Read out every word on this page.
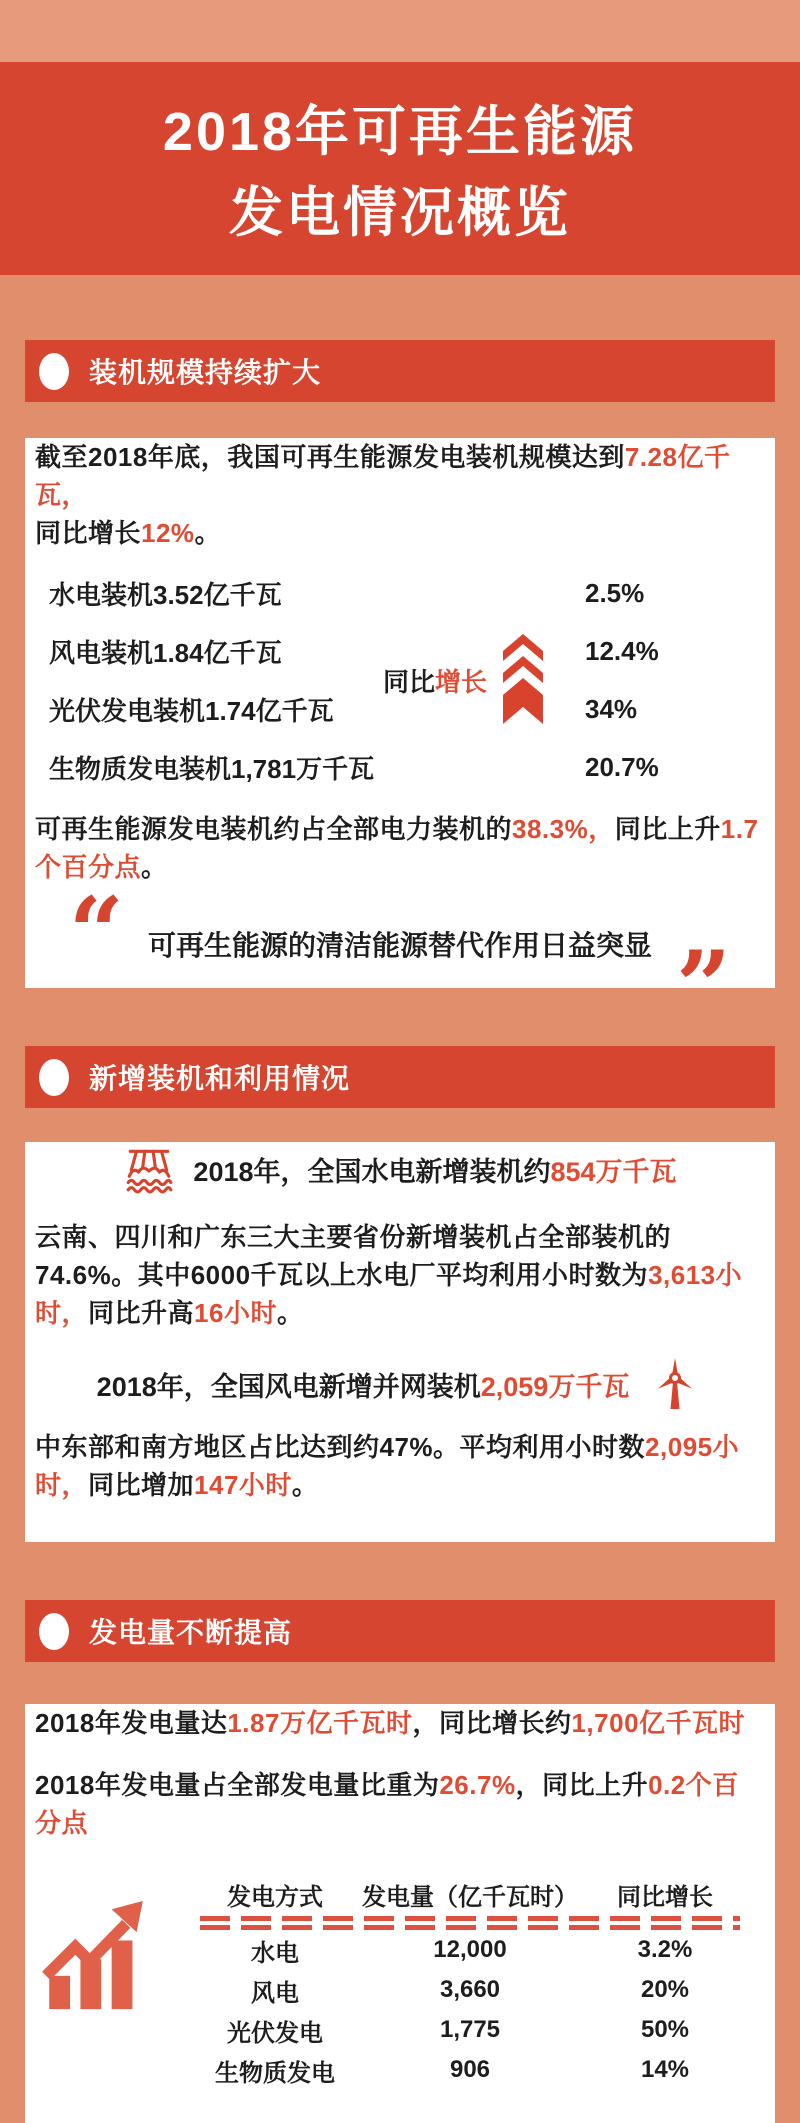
2018年可再生能源
发电情况概览
装机规模持续扩大

截至2018年底，我国可再生能源发电装机规模达到7.28亿千瓦，
同比增长12%。

水电装机3.52亿千瓦	2.5%
风电装机1.84亿千瓦	12.4%
光伏发电装机1.74亿千瓦	34%
生物质发电装机1,781万千瓦	20.7%
同比增长

可再生能源发电装机约占全部电力装机的38.3%，同比上升1.7个百分点。

“ 可再生能源的清洁能源替代作用日益突显 ”
新增装机和利用情况
2018年，全国水电新增装机约854万千瓦

云南、四川和广东三大主要省份新增装机占全部装机的74.6%。其中6000千瓦以上水电厂平均利用小时数为3,613小时，同比升高16小时。

2018年，全国风电新增并网装机2,059万千瓦

中东部和南方地区占比达到约47%。平均利用小时数2,095小时，同比增加147小时。

发电量不断提高

2018年发电量达1.87万亿千瓦时，同比增长约1,700亿千瓦时

2018年发电量占全部发电量比重为26.7%，同比上升0.2个百分点

发电方式 发电量（亿千瓦时） 同比增长
水电	12,000	3.2%
风电	3,660	20%
光伏发电	1,775	50%
生物质发电	906	14%
